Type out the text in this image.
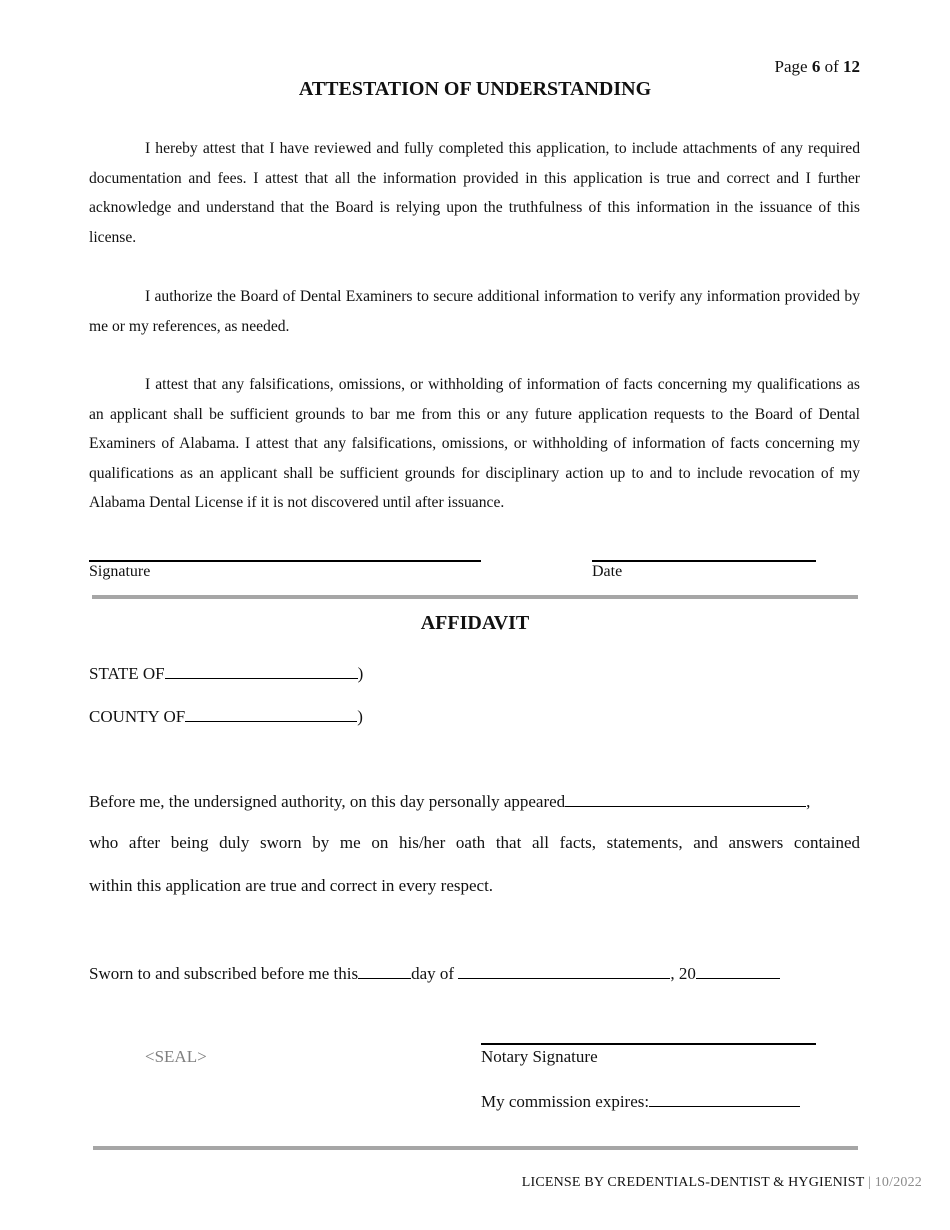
Page 6 of 12
ATTESTATION OF UNDERSTANDING

I hereby attest that I have reviewed and fully completed this application, to include attachments of any required documentation and fees. I attest that all the information provided in this application is true and correct and I further acknowledge and understand that the Board is relying upon the truthfulness of this information in the issuance of this license.

I authorize the Board of Dental Examiners to secure additional information to verify any information provided by me or my references, as needed.

I attest that any falsifications, omissions, or withholding of information of facts concerning my qualifications as an applicant shall be sufficient grounds to bar me from this or any future application requests to the Board of Dental Examiners of Alabama. I attest that any falsifications, omissions, or withholding of information of facts concerning my qualifications as an applicant shall be sufficient grounds for disciplinary action up to and to include revocation of my Alabama Dental License if it is not discovered until after issuance.

Signature	Date
AFFIDAVIT
STATE OF	)
COUNTY OF	)
Before me, the undersigned authority, on this day personally appeared	,
who after being duly sworn by me on his/her oath that all facts, statements, and answers contained
within this application are true and correct in every respect.
Sworn to and subscribed before me this	day of	, 20
<SEAL>	Notary Signature
My commission expires:
LICENSE BY CREDENTIALS-DENTIST & HYGIENIST | 10/2022
